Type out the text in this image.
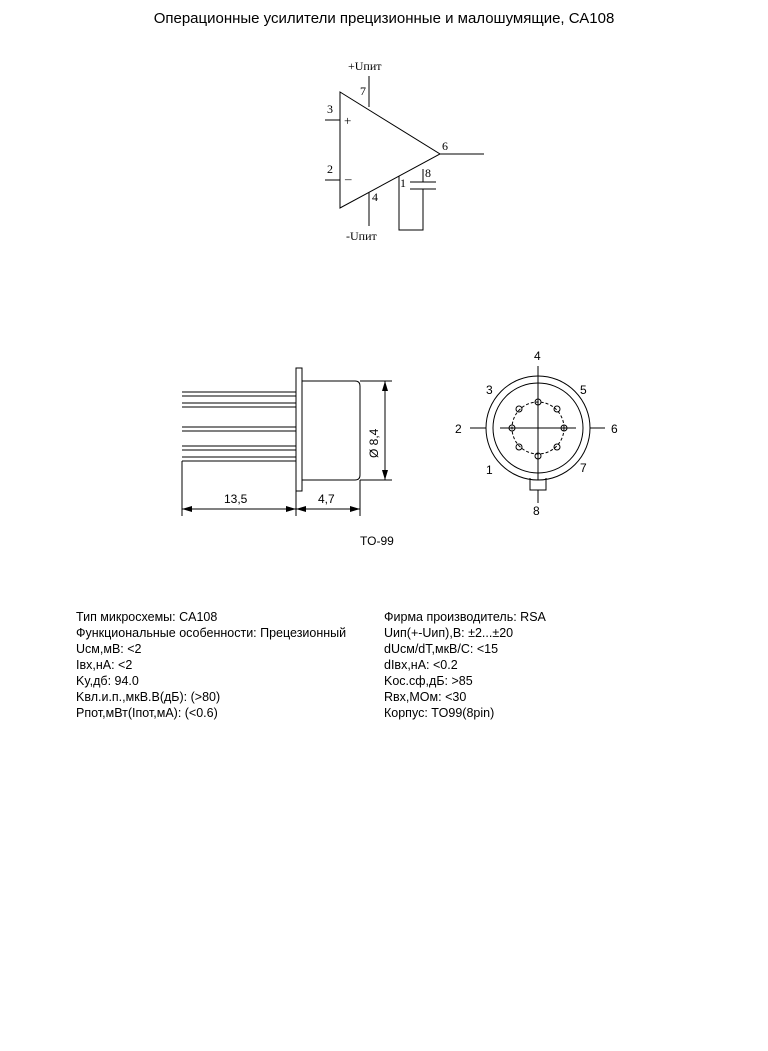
Операционные усилители прецизионные и малошумящие, СА108
+Uпит
-Uпит
+
–
7
3
2
6
1
8
4
13,5	4,7
Ø 8,4
TO-99
4
3	5
2	6
1	7
8
Тип микросхемы: CA108
Функциональные особенности: Прецезионный
Uсм,мВ: <2
Iвх,нА: <2
Ky,дб: 94.0
Kвл.и.п.,мкВ.В(дБ): (>80)
Pпот,мВт(Iпот,мА): (<0.6)
Фирма производитель: RSA
Uип(+-Uип),В: ±2...±20
dUсм/dT,мкВ/C: <15
dIвх,нА: <0.2
Kос.сф,дБ: >85
Rвх,MOм: <30
Корпус: TO99(8pin)
